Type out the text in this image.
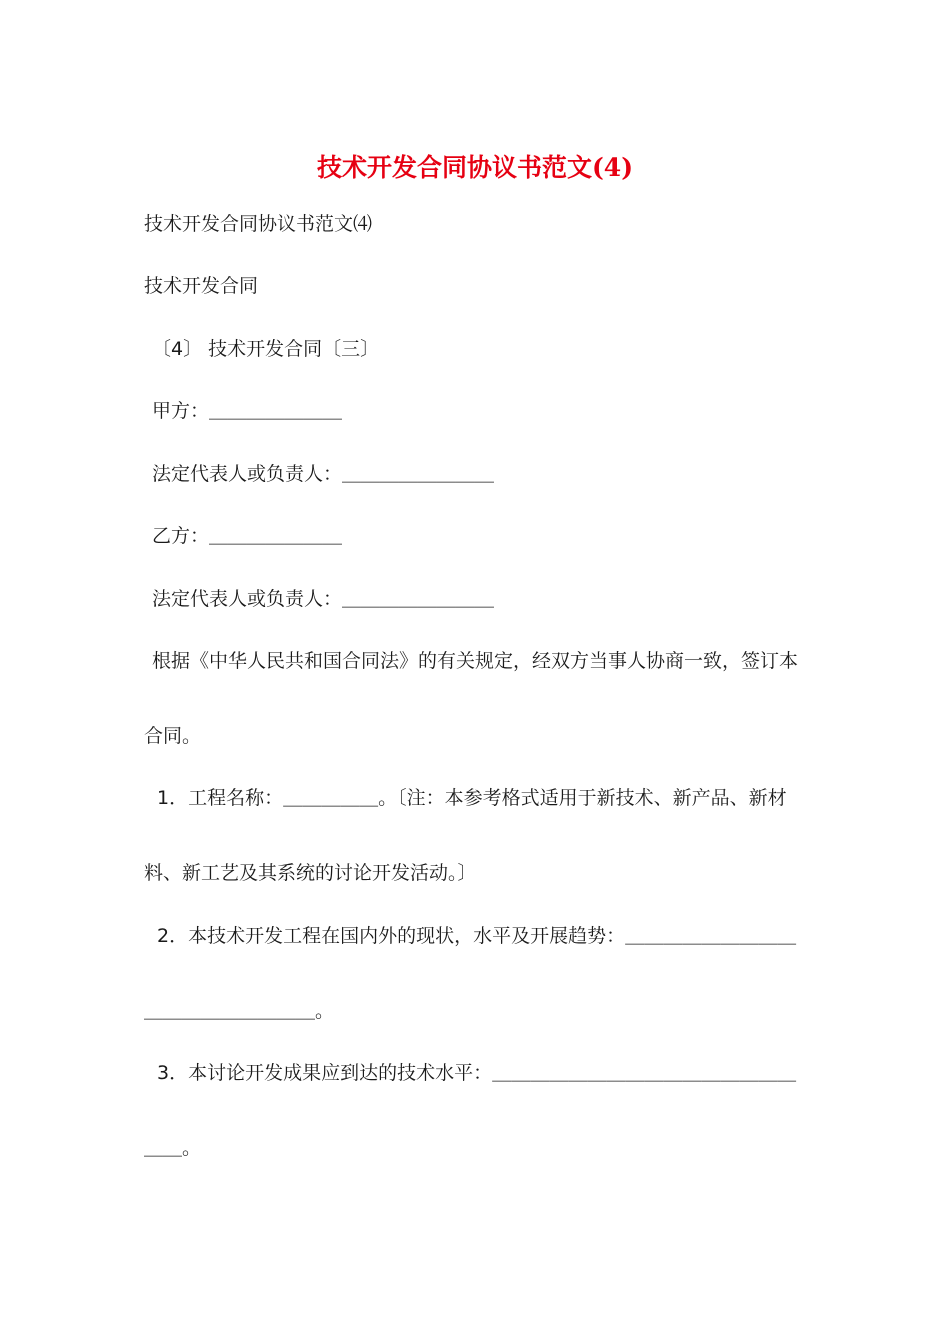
技术开发合同协议书范文(4)
技术开发合同协议书范文⑷
技术开发合同
〔4〕 技术开发合同〔三〕
甲方：＿＿＿＿＿＿＿
法定代表人或负责人：＿＿＿＿＿＿＿＿
乙方：＿＿＿＿＿＿＿
法定代表人或负责人：＿＿＿＿＿＿＿＿
根据《中华人民共和国合同法》的有关规定，经双方当事人协商一致，签订本
合同。
1．工程名称：＿＿＿＿＿。〔注：本参考格式适用于新技术、新产品、新材
料、新工艺及其系统的讨论开发活动。〕
2．本技术开发工程在国内外的现状，水平及开展趋势：＿＿＿＿＿＿＿＿＿
＿＿＿＿＿＿＿＿＿。
3．本讨论开发成果应到达的技术水平：＿＿＿＿＿＿＿＿＿＿＿＿＿＿＿＿
＿＿。
